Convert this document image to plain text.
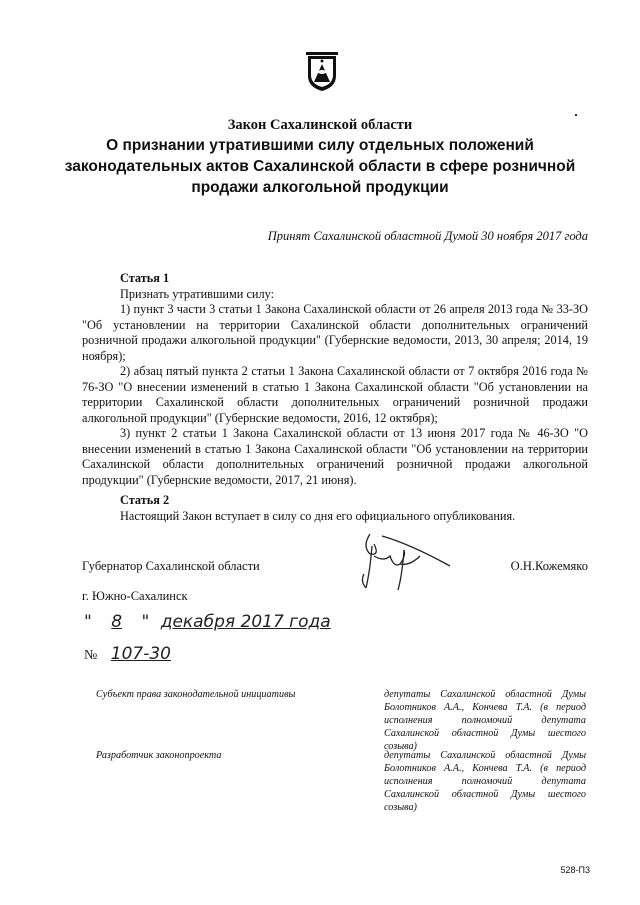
Закон Сахалинской области
О признании утратившими силу отдельных положений законодательных актов Сахалинской области в сфере розничной продажи алкогольной продукции
Принят Сахалинской областной Думой 30 ноября 2017 года

Статья 1

Признать утратившими силу:

1) пункт 3 части 3 статьи 1 Закона Сахалинской области от 26 апреля 2013 года № 33-ЗО "Об установлении на территории Сахалинской области дополнительных ограничений розничной продажи алкогольной продукции" (Губернские ведомости, 2013, 30 апреля; 2014, 19 ноября);

2) абзац пятый пункта 2 статьи 1 Закона Сахалинской области от 7 октября 2016 года № 76-ЗО "О внесении изменений в статью 1 Закона Сахалинской области "Об установлении на территории Сахалинской области дополнительных ограничений розничной продажи алкогольной продукции" (Губернские ведомости, 2016, 12 октября);

3) пункт 2 статьи 1 Закона Сахалинской области от 13 июня 2017 года № 46-ЗО "О внесении изменений в статью 1 Закона Сахалинской области "Об установлении на территории Сахалинской области дополнительных ограничений розничной продажи алкогольной продукции" (Губернские ведомости, 2017, 21 июня).

Статья 2

Настоящий Закон вступает в силу со дня его официального опубликования.

Губернатор Сахалинской области	О.Н.Кожемяко
г. Южно-Сахалинск
" 8 " декабря 2017 года
№ 107-30
Субъект права законодательной инициативы	депутаты Сахалинской областной Думы Болотников А.А., Кончева Т.А. (в период исполнения полномочий депутата Сахалинской областной Думы шестого созыва)
Разработчик законопроекта	депутаты Сахалинской областной Думы Болотников А.А., Кончева Т.А. (в период исполнения полномочий депутата Сахалинской областной Думы шестого созыва)
528-П3
